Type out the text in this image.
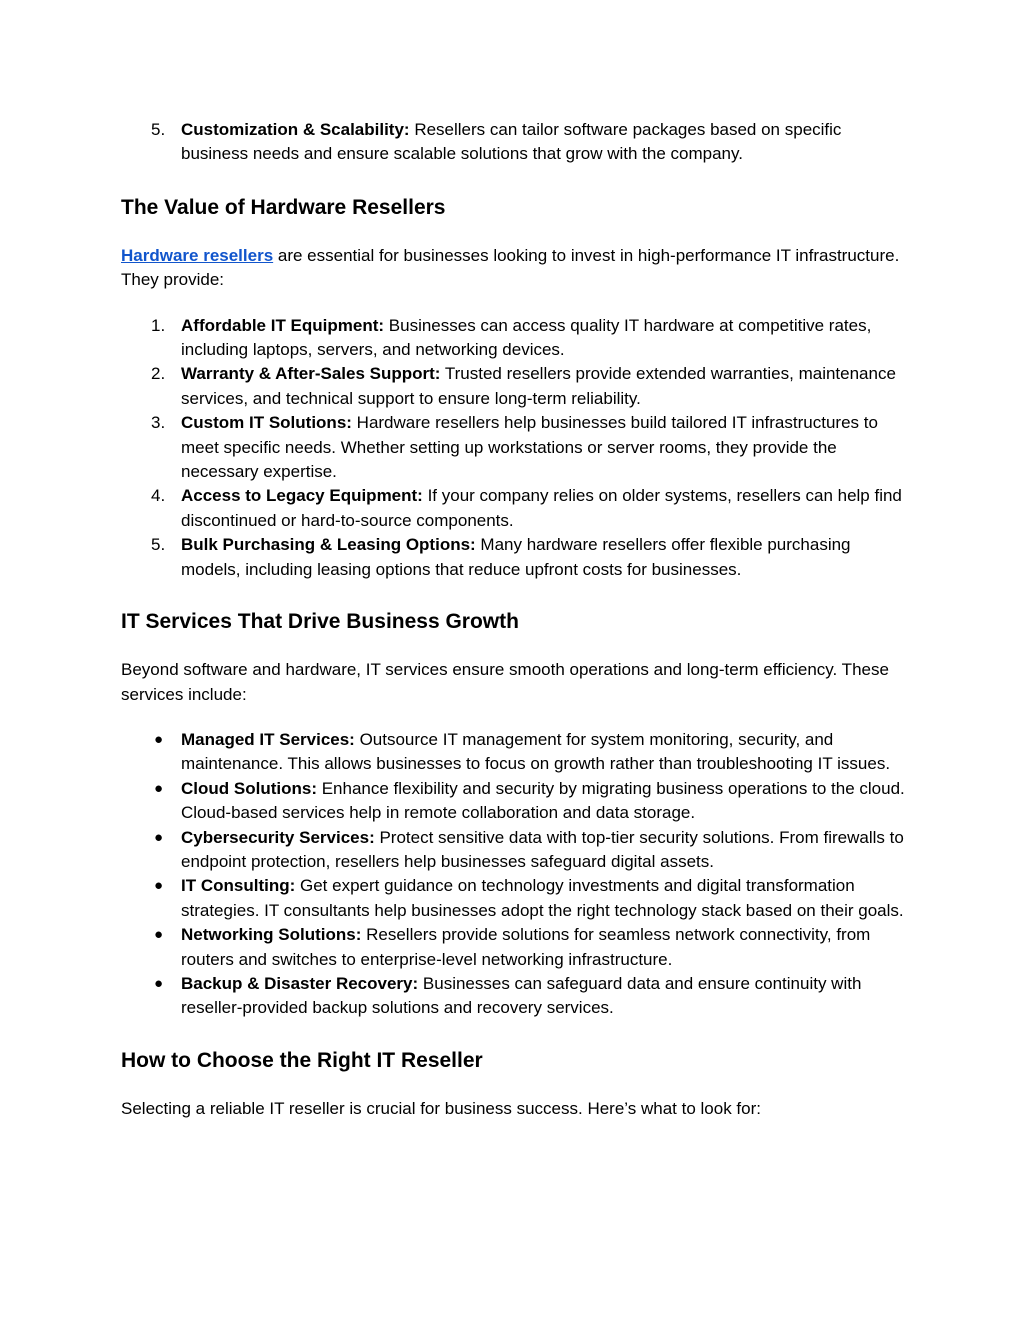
5. Customization & Scalability: Resellers can tailor software packages based on specific business needs and ensure scalable solutions that grow with the company.
The Value of Hardware Resellers

Hardware resellers are essential for businesses looking to invest in high-performance IT infrastructure. They provide:

1. Affordable IT Equipment: Businesses can access quality IT hardware at competitive rates, including laptops, servers, and networking devices.
2. Warranty & After-Sales Support: Trusted resellers provide extended warranties, maintenance services, and technical support to ensure long-term reliability.
3. Custom IT Solutions: Hardware resellers help businesses build tailored IT infrastructures to meet specific needs. Whether setting up workstations or server rooms, they provide the necessary expertise.
4. Access to Legacy Equipment: If your company relies on older systems, resellers can help find discontinued or hard-to-source components.
5. Bulk Purchasing & Leasing Options: Many hardware resellers offer flexible purchasing models, including leasing options that reduce upfront costs for businesses.
IT Services That Drive Business Growth

Beyond software and hardware, IT services ensure smooth operations and long-term efficiency. These services include:

●	Managed IT Services: Outsource IT management for system monitoring, security, and maintenance. This allows businesses to focus on growth rather than troubleshooting IT issues.
●	Cloud Solutions: Enhance flexibility and security by migrating business operations to the cloud. Cloud-based services help in remote collaboration and data storage.
●	Cybersecurity Services: Protect sensitive data with top-tier security solutions. From firewalls to endpoint protection, resellers help businesses safeguard digital assets.
●	IT Consulting: Get expert guidance on technology investments and digital transformation strategies. IT consultants help businesses adopt the right technology stack based on their goals.
●	Networking Solutions: Resellers provide solutions for seamless network connectivity, from routers and switches to enterprise-level networking infrastructure.
●	Backup & Disaster Recovery: Businesses can safeguard data and ensure continuity with reseller-provided backup solutions and recovery services.
How to Choose the Right IT Reseller

Selecting a reliable IT reseller is crucial for business success. Here’s what to look for:
